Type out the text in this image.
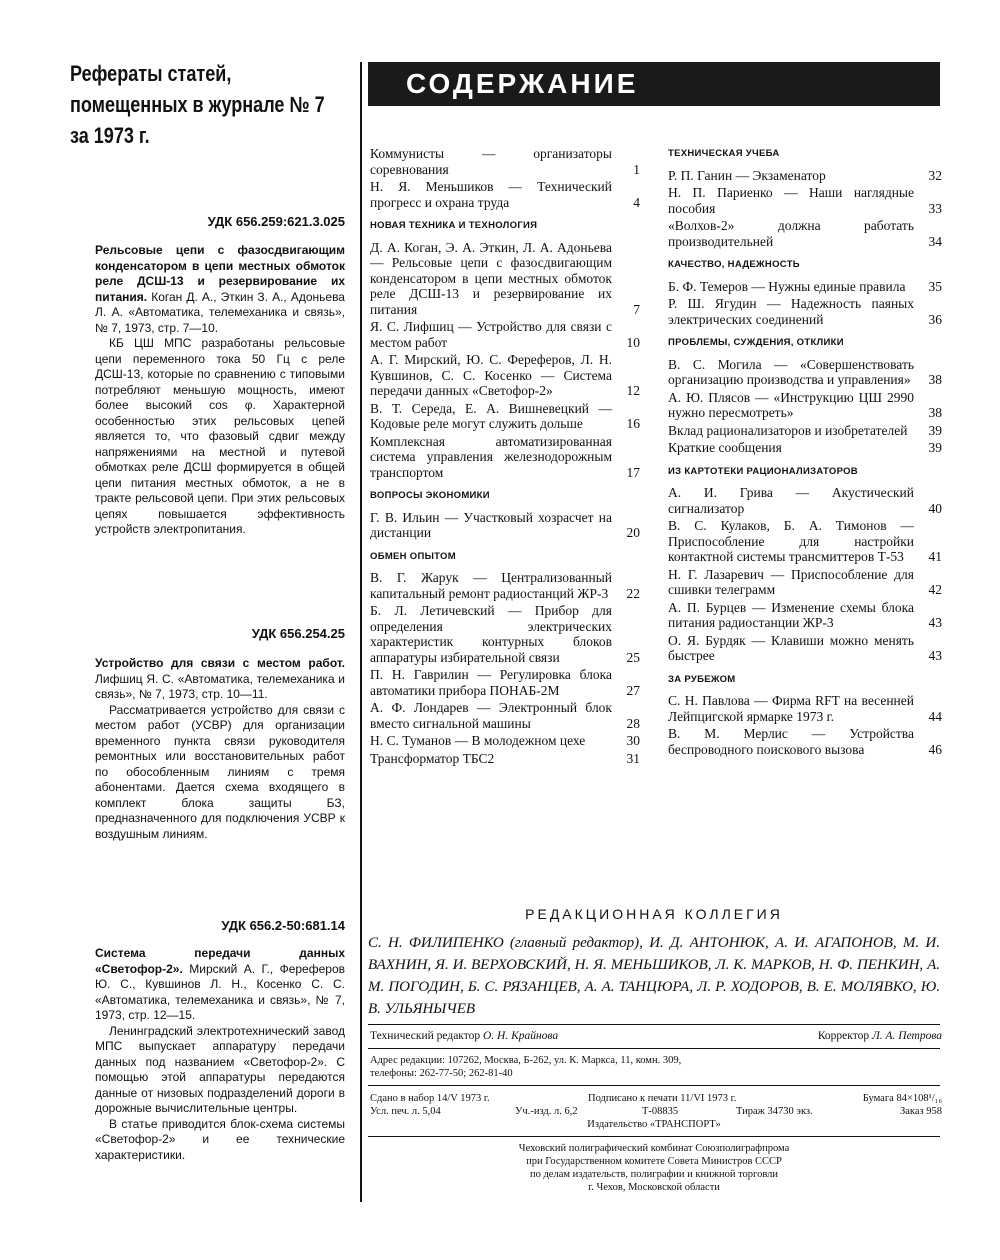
Рефераты статей,
помещенных в журнале № 7
за 1973 г.
УДК 656.259:621.3.025

Рельсовые цепи с фазосдвигающим конденсатором в цепи местных обмоток реле ДСШ-13 и резервирование их питания. Коган Д. А., Эткин З. А., Адоньева Л. А. «Автоматика, телемеханика и связь», № 7, 1973, стр. 7—10.

КБ ЦШ МПС разработаны рельсовые цепи переменного тока 50 Гц с реле ДСШ-13, которые по сравнению с типовыми потребляют меньшую мощность, имеют более высокий cos φ. Характерной особенностью этих рельсовых цепей является то, что фазовый сдвиг между напряжениями на местной и путевой обмотках реле ДСШ формируется в общей цепи питания местных обмоток, а не в тракте рельсовой цепи. При этих рельсовых цепях повышается эффективность устройств электропитания.

УДК 656.254.25

Устройство для связи с местом работ. Лифшиц Я. С. «Автоматика, телемеханика и связь», № 7, 1973, стр. 10—11.

Рассматривается устройство для связи с местом работ (УСВР) для организации временного пункта связи руководителя ремонтных или восстановительных работ по обособленным линиям с тремя абонентами. Дается схема входящего в комплект блока защиты БЗ, предназначенного для подключения УСВР к воздушным линиям.

УДК 656.2-50:681.14

Система передачи данных «Светофор-2». Мирский А. Г., Фереферов Ю. С., Кувшинов Л. Н., Косенко С. С. «Автоматика, телемеханика и связь», № 7, 1973, стр. 12—15.

Ленинградский электротехнический завод МПС выпускает аппаратуру передачи данных под названием «Светофор-2». С помощью этой аппаратуры передаются данные от низовых подразделений дороги в дорожные вычислительные центры.

В статье приводится блок-схема системы «Светофор-2» и ее технические характеристики.

СОДЕРЖАНИЕ

Коммунисты — организаторы соревнования	1

Н. Я. Меньшиков — Технический прогресс и охрана труда	4
НОВАЯ ТЕХНИКА И ТЕХНОЛОГИЯ

Д. А. Коган, Э. А. Эткин, Л. А. Адоньева — Рельсовые цепи с фазосдвигающим конденсатором в цепи местных обмоток реле ДСШ-13 и резервирование их питания	7

Я. С. Лифшиц — Устройство для связи с местом работ	10

А. Г. Мирский, Ю. С. Фереферов, Л. Н. Кувшинов, С. С. Косенко — Система передачи данных «Светофор-2»	12

В. Т. Середа, Е. А. Вишневецкий — Кодовые реле могут служить дольше	16

Комплексная автоматизированная система управления железнодорожным транспортом	17
ВОПРОСЫ ЭКОНОМИКИ

Г. В. Ильин — Участковый хозрасчет на дистанции	20
ОБМЕН ОПЫТОМ

В. Г. Жарук — Централизованный капитальный ремонт радиостанций ЖР-3 22

Б. Л. Летичевский — Прибор для определения электрических характеристик контурных блоков аппаратуры избирательной связи	25

П. Н. Гаврилин — Регулировка блока автоматики прибора ПОНАБ-2М	27

А. Ф. Лондарев — Электронный блок вместо сигнальной машины	28

Н. С. Туманов — В молодежном цехе	30

Трансформатор ТБС2	31
ТЕХНИЧЕСКАЯ УЧЕБА

Р. П. Ганин — Экзаменатор	32

Н. П. Париенко — Наши наглядные пособия	33

«Волхов-2» должна работать производительней	34
КАЧЕСТВО, НАДЕЖНОСТЬ

Б. Ф. Темеров — Нужны единые правила	35

Р. Ш. Ягудин — Надежность паяных электрических соединений	36
ПРОБЛЕМЫ, СУЖДЕНИЯ, ОТКЛИКИ

В. С. Могила — «Совершенствовать организацию производства и управления» 38

А. Ю. Плясов — «Инструкцию ЦШ 2990 нужно пересмотреть»	38

Вклад рационализаторов и изобретателей	39

Краткие сообщения	39
ИЗ КАРТОТЕКИ РАЦИОНАЛИЗАТОРОВ

А. И. Грива — Акустический сигнализатор	40

В. С. Кулаков, Б. А. Тимонов — Приспособление для настройки контактной системы трансмиттеров Т-53	41

Н. Г. Лазаревич — Приспособление для сшивки телеграмм	42

А. П. Бурцев — Изменение схемы блока питания радиостанции ЖР-3	43

О. Я. Бурдяк — Клавиши можно менять быстрее	43
ЗА РУБЕЖОМ

С. Н. Павлова — Фирма RFT на весенней Лейпцигской ярмарке 1973 г.	44

В. М. Мерлис — Устройства беспроводного поискового вызова	46
РЕДАКЦИОННАЯ КОЛЛЕГИЯ
С. Н. ФИЛИПЕНКО (главный редактор), И. Д. АНТОНЮК, А. И. АГАПОНОВ, М. И. ВАХНИН, Я. И. ВЕРХОВСКИЙ, Н. Я. МЕНЬШИКОВ, Л. К. МАРКОВ, Н. Ф. ПЕНКИН, А. М. ПОГОДИН, Б. С. РЯЗАНЦЕВ, А. А. ТАНЦЮРА, Л. Р. ХОДОРОВ, В. Е. МОЛЯВКО, Ю. В. УЛЬЯНЫЧЕВ
Технический редактор О. Н. Крайнова	Корректор Л. А. Петрова
Адрес редакции: 107262, Москва, Б-262, ул. К. Маркса, 11, комн. 309,
телефоны: 262-77-50; 262-81-40
Сдано в набор 14/V 1973 г.	Подписано к печати 11/VI 1973 г.	Бумага 84×108¹/₁₆
Усл. печ. л. 5,04	Уч.-изд. л. 6,2	Т-08835	Тираж 34730 экз.	Заказ 958
Издательство «ТРАНСПОРТ»
Чеховский полиграфический комбинат Союзполиграфпрома
при Государственном комитете Совета Министров СССР
по делам издательств, полиграфии и книжной торговли
г. Чехов, Московской области
